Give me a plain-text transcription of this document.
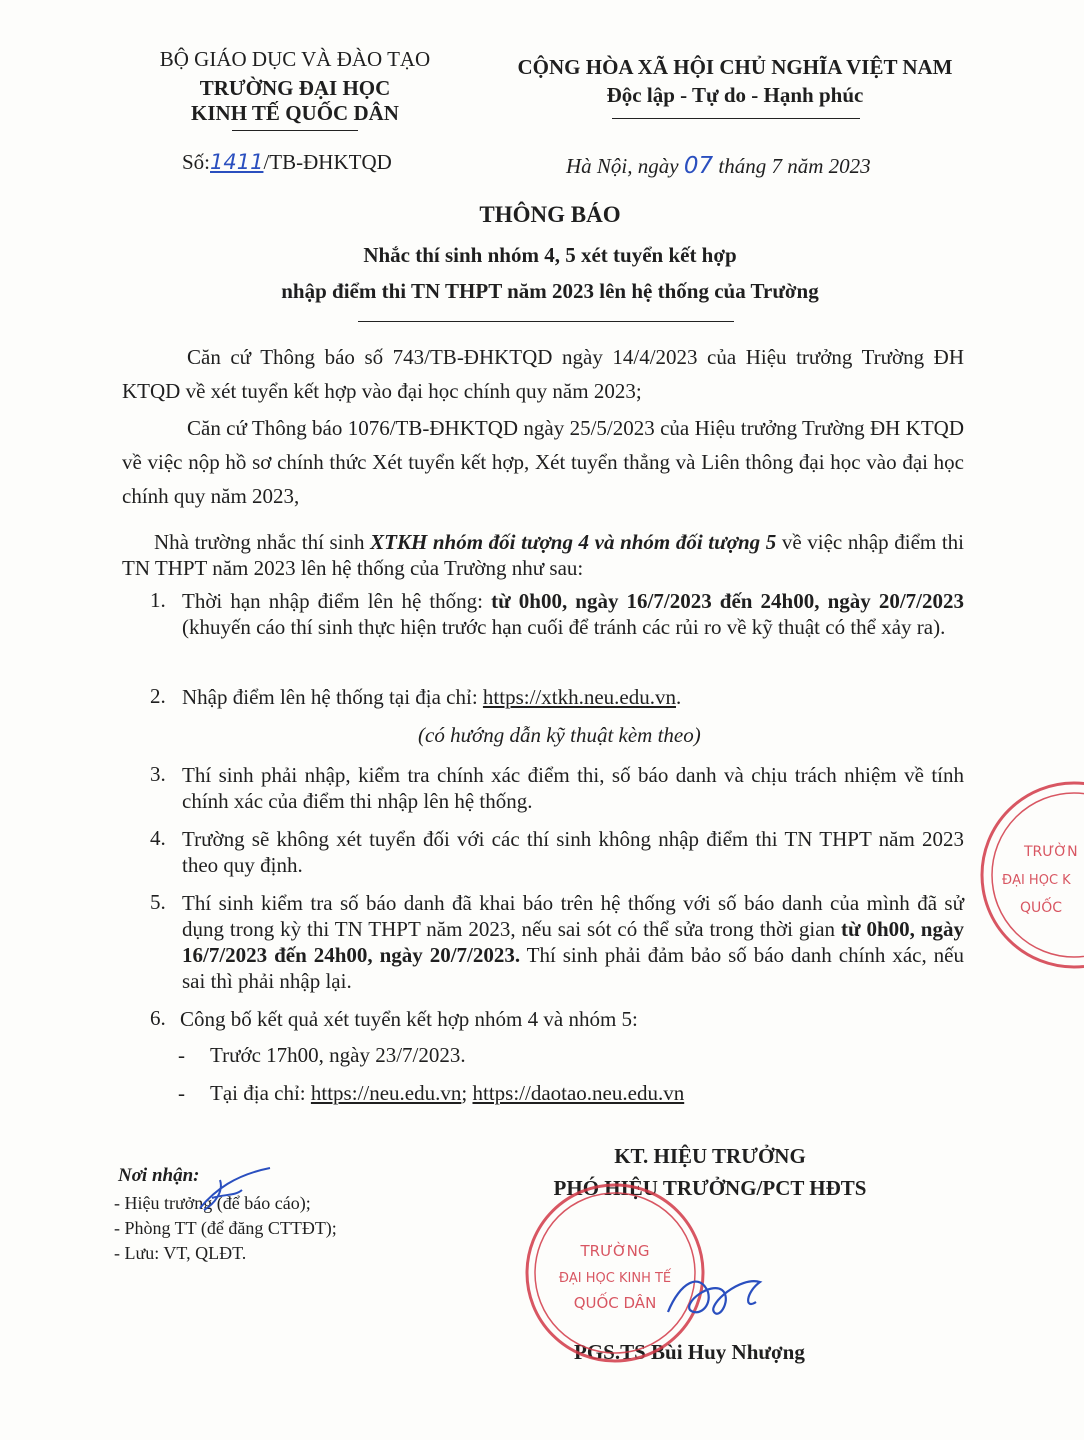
BỘ GIÁO DỤC VÀ ĐÀO TẠO
TRƯỜNG ĐẠI HỌC
KINH TẾ QUỐC DÂN
Số:1411/TB-ĐHKTQD
CỘNG HÒA XÃ HỘI CHỦ NGHĨA VIỆT NAM
Độc lập - Tự do - Hạnh phúc
Hà Nội, ngày 07 tháng 7 năm 2023
THÔNG BÁO
Nhắc thí sinh nhóm 4, 5 xét tuyển kết hợp
nhập điểm thi TN THPT năm 2023 lên hệ thống của Trường
Căn cứ Thông báo số 743/TB-ĐHKTQD ngày 14/4/2023 của Hiệu trưởng Trường ĐH KTQD về xét tuyển kết hợp vào đại học chính quy năm 2023;
Căn cứ Thông báo 1076/TB-ĐHKTQD ngày 25/5/2023 của Hiệu trưởng Trường ĐH KTQD về việc nộp hồ sơ chính thức Xét tuyển kết hợp, Xét tuyển thẳng và Liên thông đại học vào đại học chính quy năm 2023,
Nhà trường nhắc thí sinh XTKH nhóm đối tượng 4 và nhóm đối tượng 5 về việc nhập điểm thi TN THPT năm 2023 lên hệ thống của Trường như sau:
1. Thời hạn nhập điểm lên hệ thống: từ 0h00, ngày 16/7/2023 đến 24h00, ngày 20/7/2023 (khuyến cáo thí sinh thực hiện trước hạn cuối để tránh các rủi ro về kỹ thuật có thể xảy ra).
2. Nhập điểm lên hệ thống tại địa chỉ: https://xtkh.neu.edu.vn.
(có hướng dẫn kỹ thuật kèm theo)
3. Thí sinh phải nhập, kiểm tra chính xác điểm thi, số báo danh và chịu trách nhiệm về tính chính xác của điểm thi nhập lên hệ thống.
4. Trường sẽ không xét tuyển đối với các thí sinh không nhập điểm thi TN THPT năm 2023 theo quy định.
5. Thí sinh kiểm tra số báo danh đã khai báo trên hệ thống với số báo danh của mình đã sử dụng trong kỳ thi TN THPT năm 2023, nếu sai sót có thể sửa trong thời gian từ 0h00, ngày 16/7/2023 đến 24h00, ngày 20/7/2023. Thí sinh phải đảm bảo số báo danh chính xác, nếu sai thì phải nhập lại.
6. Công bố kết quả xét tuyển kết hợp nhóm 4 và nhóm 5:
- Trước 17h00, ngày 23/7/2023.
- Tại địa chỉ: https://neu.edu.vn; https://daotao.neu.edu.vn
Nơi nhận:
- Hiệu trưởng (để báo cáo);
- Phòng TT (để đăng CTTĐT);
- Lưu: VT, QLĐT.
KT. HIỆU TRƯỞNG
PHÓ HIỆU TRƯỞNG/PCT HĐTS
PGS.TS Bùi Huy Nhượng
TRƯỜNG
ĐẠI HỌC KINH TẾ
QUỐC DÂN
TRƯỜN
ĐẠI HỌC K
QUỐC
